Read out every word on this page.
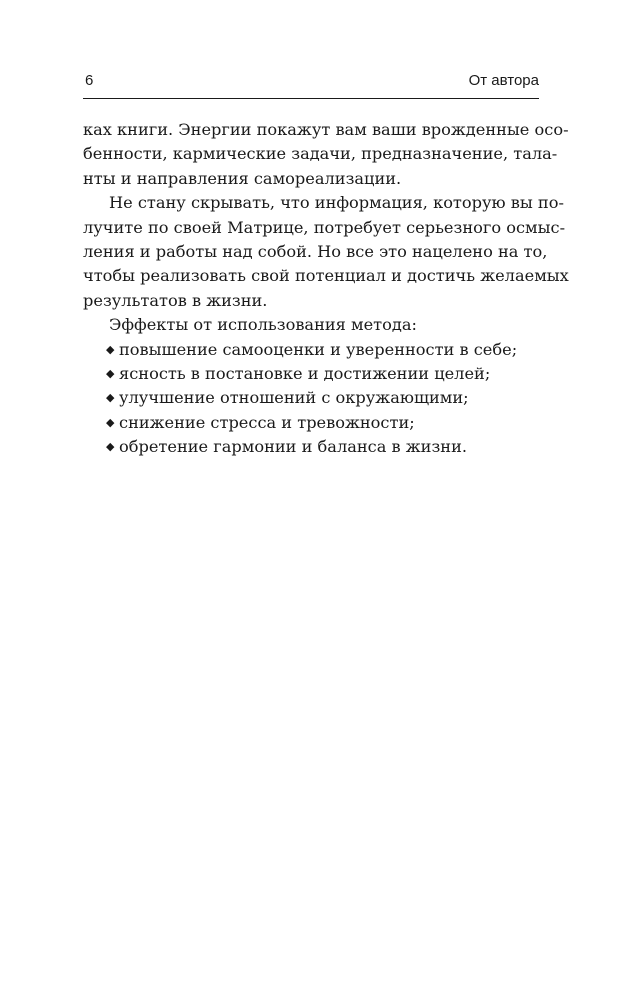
6	От автора

ках книги. Энергии покажут вам ваши врожденные осо-
бенности, кармические задачи, предназначение, тала-
нты и направления самореализации.

Не стану скрывать, что информация, которую вы по-

лучите по своей Матрице, потребует серьезного осмыс-
ления и работы над собой. Но все это нацелено на то,
чтобы реализовать свой потенциал и достичь желаемых
результатов в жизни.

Эффекты от использования метода:

◆ повышение самооценки и уверенности в себе;
◆ ясность в постановке и достижении целей;
◆ улучшение отношений с окружающими;
◆ снижение стресса и тревожности;
◆ обретение гармонии и баланса в жизни.
